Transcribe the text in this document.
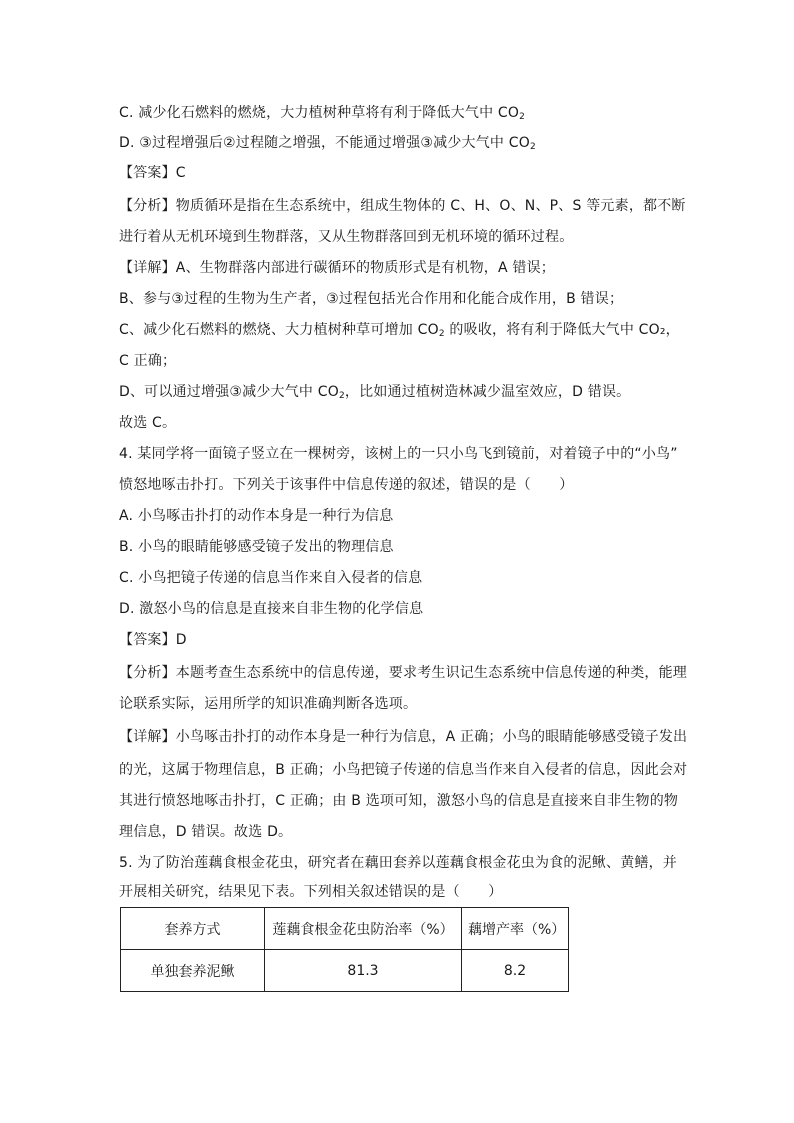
C. 减少化石燃料的燃烧，大力植树种草将有利于降低大气中 $CO_2$
D. ③过程增强后②过程随之增强，不能通过增强③减少大气中 $CO_2$
【答案】C
【分析】物质循环是指在生态系统中，组成生物体的 C、H、O、N、P、S 等元素，都不断
进行着从无机环境到生物群落，又从生物群落回到无机环境的循环过程。
【详解】A、生物群落内部进行碳循环的物质形式是有机物，A 错误；
B、参与③过程的生物为生产者，③过程包括光合作用和化能合成作用，B 错误；
C、减少化石燃料的燃烧、大力植树种草可增加 $CO_2$ 的吸收，将有利于降低大气中 CO₂，
C 正确；
D、可以通过增强③减少大气中 $CO_2$，比如通过植树造林减少温室效应，D 错误。
故选 C。
4. 某同学将一面镜子竖立在一棵树旁，该树上的一只小鸟飞到镜前，对着镜子中的“小鸟”
愤怒地啄击扑打。下列关于该事件中信息传递的叙述，错误的是（　　）
A. 小鸟啄击扑打的动作本身是一种行为信息
B. 小鸟的眼睛能够感受镜子发出的物理信息
C. 小鸟把镜子传递的信息当作来自入侵者的信息
D. 激怒小鸟的信息是直接来自非生物的化学信息
【答案】D
【分析】本题考查生态系统中的信息传递，要求考生识记生态系统中信息传递的种类，能理
论联系实际，运用所学的知识准确判断各选项。
【详解】小鸟啄击扑打的动作本身是一种行为信息，A 正确；小鸟的眼睛能够感受镜子发出
的光，这属于物理信息，B 正确；小鸟把镜子传递的信息当作来自入侵者的信息，因此会对
其进行愤怒地啄击扑打，C 正确；由 B 选项可知，激怒小鸟的信息是直接来自非生物的物
理信息，D 错误。故选 D。
5. 为了防治莲藕食根金花虫，研究者在藕田套养以莲藕食根金花虫为食的泥鳅、黄鳝，并
开展相关研究，结果见下表。下列相关叙述错误的是（　　）
套养方式	莲藕食根金花虫防治率（%）	藕增产率（%）
单独套养泥鳅	81.3	8.2
